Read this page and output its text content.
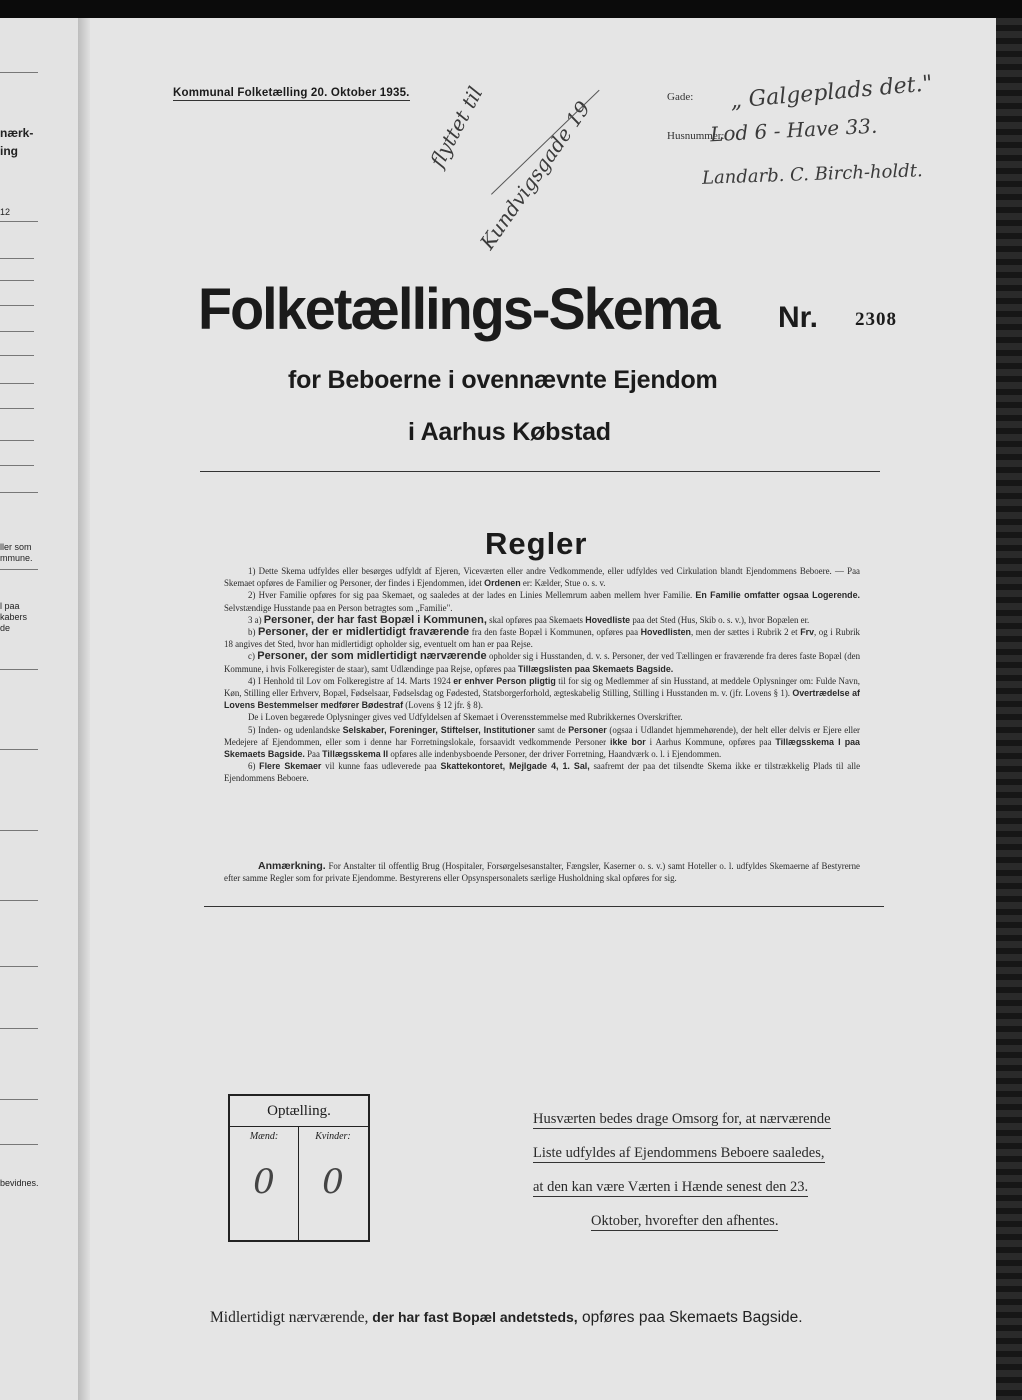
nærk-
ing
12
ller som
mmune.
l paa
kabers
de
bevidnes.
Kommunal Folketælling 20. Oktober 1935.	Gade:
Husnummer:
„ Galgeplads det."
Lod 6 - Have 33.
Landarb. C. Birch-holdt.
flyttet til
Kundvigsgade 19
Folketællings-Skema Nr. 2308
for Beboerne i ovennævnte Ejendom
i Aarhus Købstad
Regler

1) Dette Skema udfyldes eller besørges udfyldt af Ejeren, Viceværten eller andre Vedkommende, eller udfyldes ved Cirkulation blandt Ejendommens Beboere. — Paa Skemaet opføres de Familier og Personer, der findes i Ejendommen, idet Ordenen er: Kælder, Stue o. s. v.

2) Hver Familie opføres for sig paa Skemaet, og saaledes at der lades en Linies Mellemrum aaben mellem hver Familie. En Familie omfatter ogsaa Logerende. Selvstændige Husstande paa en Person betragtes som „Familie".

3 a) Personer, der har fast Bopæl i Kommunen, skal opføres paa Skemaets Hovedliste paa det Sted (Hus, Skib o. s. v.), hvor Bopælen er.

b) Personer, der er midlertidigt fraværende fra den faste Bopæl i Kommunen, opføres paa Hovedlisten, men der sættes i Rubrik 2 et Frv, og i Rubrik 18 angives det Sted, hvor han midlertidigt opholder sig, eventuelt om han er paa Rejse.

c) Personer, der som midlertidigt nærværende opholder sig i Husstanden, d. v. s. Personer, der ved Tællingen er fraværende fra deres faste Bopæl (den Kommune, i hvis Folkeregister de staar), samt Udlændinge paa Rejse, opføres paa Tillægslisten paa Skemaets Bagside.

4) I Henhold til Lov om Folkeregistre af 14. Marts 1924 er enhver Person pligtig til for sig og Medlemmer af sin Husstand, at meddele Oplysninger om: Fulde Navn, Køn, Stilling eller Erhverv, Bopæl, Fødselsaar, Fødselsdag og Fødested, Statsborgerforhold, ægteskabelig Stilling, Stilling i Husstanden m. v. (jfr. Lovens § 1). Overtrædelse af Lovens Bestemmelser medfører Bødestraf (Lovens § 12 jfr. § 8).

De i Loven begærede Oplysninger gives ved Udfyldelsen af Skemaet i Overensstemmelse med Rubrikkernes Overskrifter.

5) Inden- og udenlandske Selskaber, Foreninger, Stiftelser, Institutioner samt de Personer (ogsaa i Udlandet hjemmehørende), der helt eller delvis er Ejere eller Medejere af Ejendommen, eller som i denne har Forretningslokale, forsaavidt vedkommende Personer ikke bor i Aarhus Kommune, opføres paa Tillægsskema I paa Skemaets Bagside. Paa Tillægsskema II opføres alle indenbysboende Personer, der driver Forretning, Haandværk o. l. i Ejendommen.

6) Flere Skemaer vil kunne faas udleverede paa Skattekontoret, Mejlgade 4, 1. Sal, saafremt der paa det tilsendte Skema ikke er tilstrækkelig Plads til alle Ejendommens Beboere.

Anmærkning. For Anstalter til offentlig Brug (Hospitaler, Forsørgelsesanstalter, Fængsler, Kaserner o. s. v.) samt Hoteller o. l. udfyldes Skemaerne af Bestyrerne efter samme Regler som for private Ejendomme. Bestyrerens eller Opsynspersonalets særlige Husholdning skal opføres for sig.
Optælling.
Mænd:
0
Kvinder:
0
Husværten bedes drage Omsorg for, at nærværende
Liste udfyldes af Ejendommens Beboere saaledes,
at den kan være Værten i Hænde senest den 23.
Oktober, hvorefter den afhentes.
Midlertidigt nærværende, der har fast Bopæl andetsteds, opføres paa Skemaets Bagside.
